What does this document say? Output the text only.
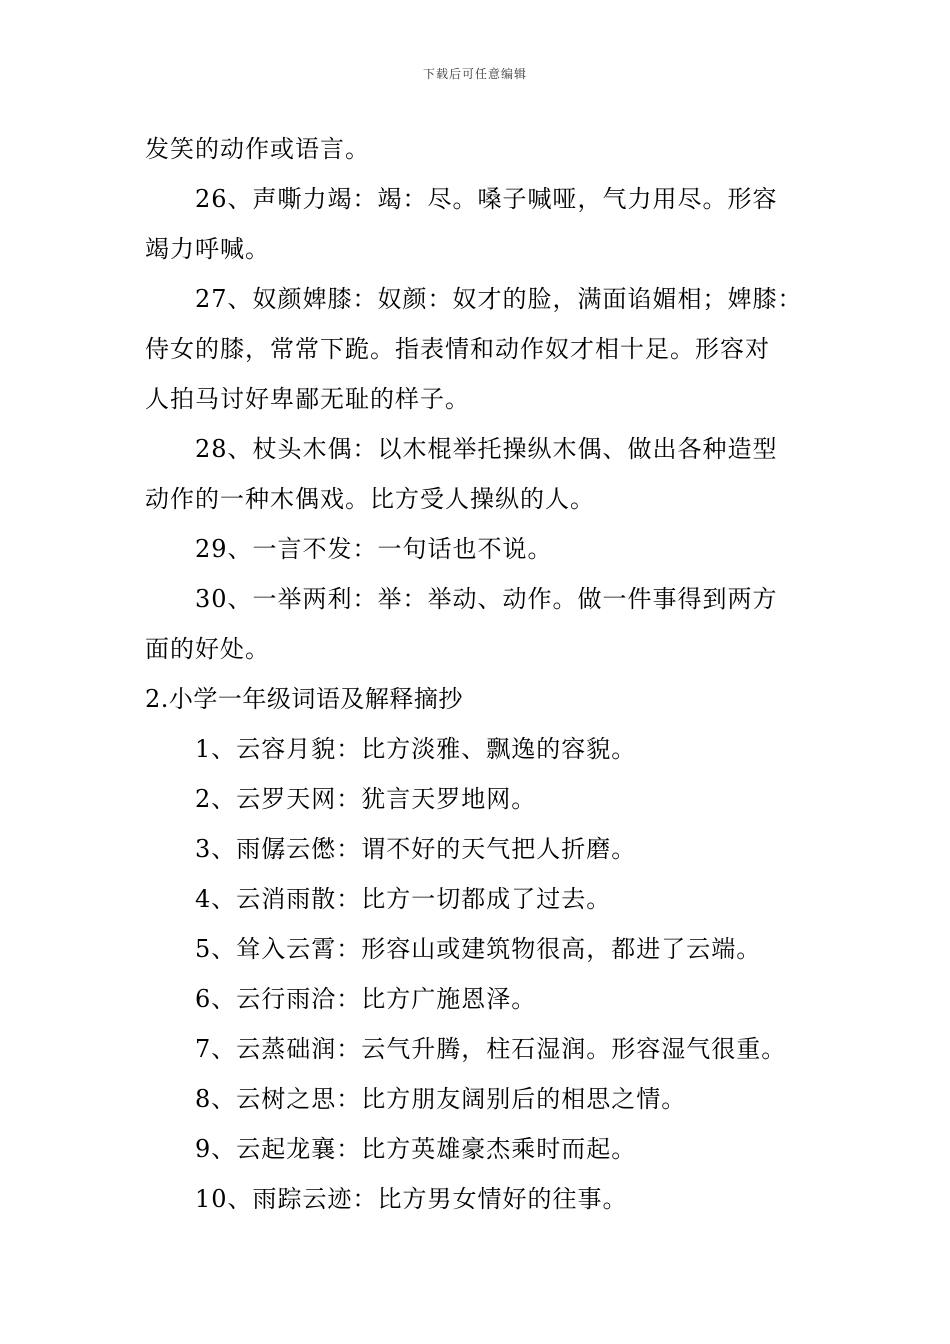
下载后可任意编辑
发笑的动作或语言。
26、声嘶力竭：竭：尽。嗓子喊哑，气力用尽。形容
竭力呼喊。
27、奴颜婢膝：奴颜：奴才的脸，满面谄媚相；婢膝：
侍女的膝，常常下跪。指表情和动作奴才相十足。形容对
人拍马讨好卑鄙无耻的样子。
28、杖头木偶：以木棍举托操纵木偶、做出各种造型
动作的一种木偶戏。比方受人操纵的人。
29、一言不发：一句话也不说。
30、一举两利：举：举动、动作。做一件事得到两方
面的好处。
2.小学一年级词语及解释摘抄
1、云容月貌：比方淡雅、飘逸的容貌。
2、云罗天网：犹言天罗地网。
3、雨僝云僽：谓不好的天气把人折磨。
4、云消雨散：比方一切都成了过去。
5、耸入云霄：形容山或建筑物很高，都进了云端。
6、云行雨洽：比方广施恩泽。
7、云蒸础润：云气升腾，柱石湿润。形容湿气很重。
8、云树之思：比方朋友阔别后的相思之情。
9、云起龙襄：比方英雄豪杰乘时而起。
10、雨踪云迹：比方男女情好的往事。
